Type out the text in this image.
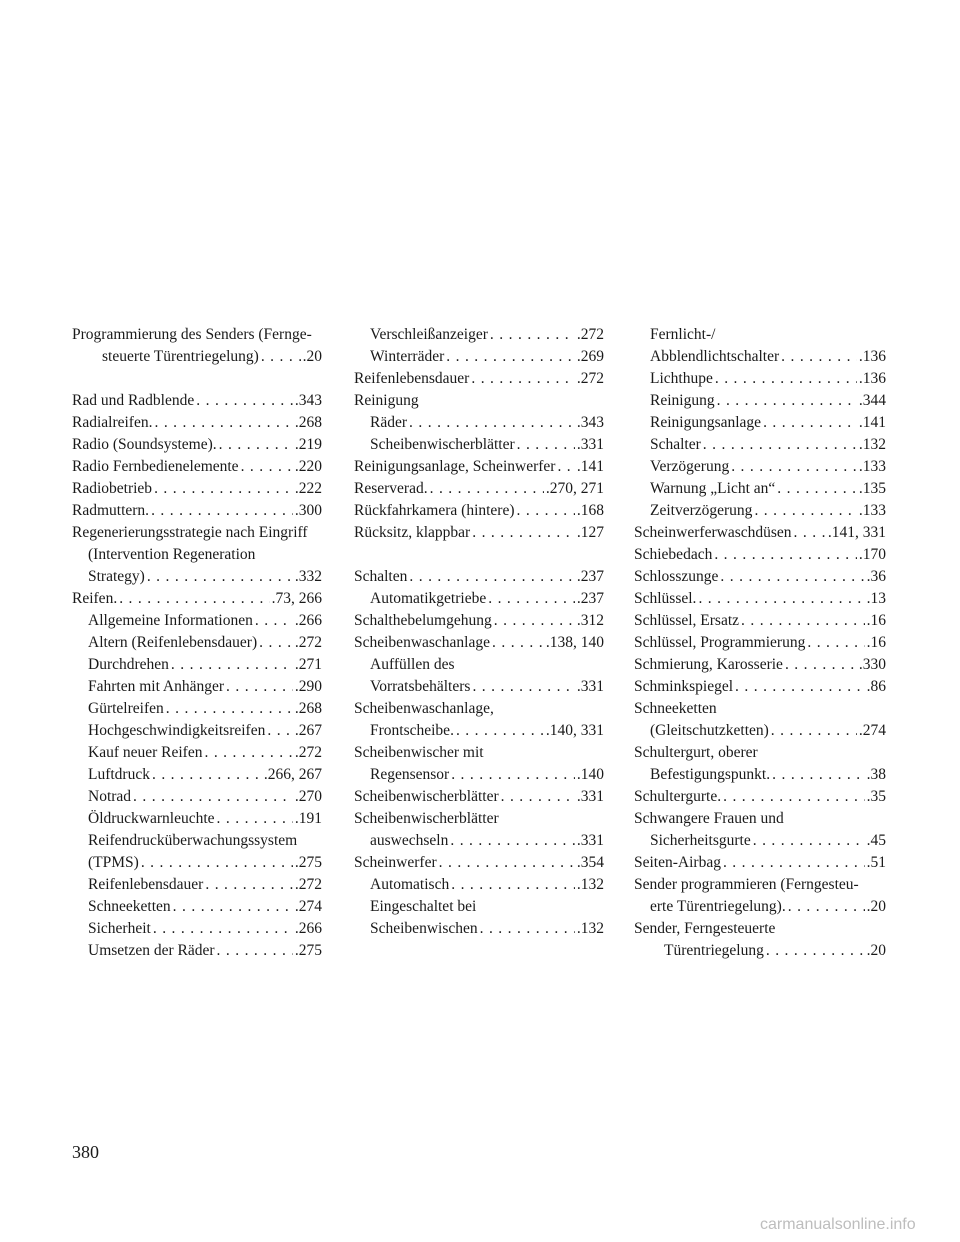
Programmierung des Senders (Fernge-
steuerte Türentriegelung) . . .	.20
Rad und Radblende . . .	.343
Radialreifen. . . .	.268
Radio (Soundsysteme). . . .	.219
Radio Fernbedienelemente . . .	.220
Radiobetrieb . . .	.222
Radmuttern. . . .	.300
Regenerierungsstrategie nach Eingriff
(Intervention Regeneration
Strategy) . . .	.332
Reifen. . . .	.73, 266
Allgemeine Informationen . . .	.266
Altern (Reifenlebensdauer) . . . .272
Durchdrehen . . .	.271
Fahrten mit Anhänger . . .	.290
Gürtelreifen . . .	.268
Hochgeschwindigkeitsreifen . . . .267
Kauf neuer Reifen . . .	.272
Luftdruck . . .	.266, 267
Notrad . . .	.270
Öldruckwarnleuchte . . .	.191
Reifendrucküberwachungssystem
(TPMS) . . .	.275
Reifenlebensdauer . . .	.272
Schneeketten . . .	.274
Sicherheit . . .	.266
Umsetzen der Räder . . .	.275
Verschleißanzeiger . . .	.272
Winterräder . . .	.269
Reifenlebensdauer . . .	.272
Reinigung
Räder . . .	.343
Scheibenwischerblätter . . .	.331
Reinigungsanlage, Scheinwerfer . . . .141
Reserverad. . . .	.270, 271
Rückfahrkamera (hintere) . . .	.168
Rücksitz, klappbar . . .	.127
Schalten . . .	.237
Automatikgetriebe . . .	.237
Schalthebelumgehung . . .	.312
Scheibenwaschanlage . . .	.138, 140
Auffüllen des
Vorratsbehälters . . .	.331
Scheibenwaschanlage,
Frontscheibe. . . .	.140, 331
Scheibenwischer mit
Regensensor . . .	.140
Scheibenwischerblätter . . .	.331
Scheibenwischerblätter
auswechseln . . .	.331
Scheinwerfer . . .	.354
Automatisch . . .	.132
Eingeschaltet bei
Scheibenwischen . . .	.132
Fernlicht-/
Abblendlichtschalter . . .	.136
Lichthupe . . .	.136
Reinigung . . .	.344
Reinigungsanlage . . .	.141
Schalter . . .	.132
Verzögerung . . .	.133
Warnung „Licht an“ . . .	.135
Zeitverzögerung . . .	.133
Scheinwerferwaschdüsen . . . .141, 331
Schiebedach . . .	.170
Schlosszunge . . .	.36
Schlüssel. . . .	.13
Schlüssel, Ersatz . . .	.16
Schlüssel, Programmierung . . .	.16
Schmierung, Karosserie . . .	.330
Schminkspiegel . . .	.86
Schneeketten
(Gleitschutzketten) . . .	.274
Schultergurt, oberer
Befestigungspunkt. . . .	.38
Schultergurte. . . .	.35
Schwangere Frauen und
Sicherheitsgurte . . .	.45
Seiten-Airbag . . .	.51
Sender programmieren (Ferngesteu-
erte Türentriegelung). . . .	.20
Sender, Ferngesteuerte
Türentriegelung . . .	.20
380
carmanualsonline.info
